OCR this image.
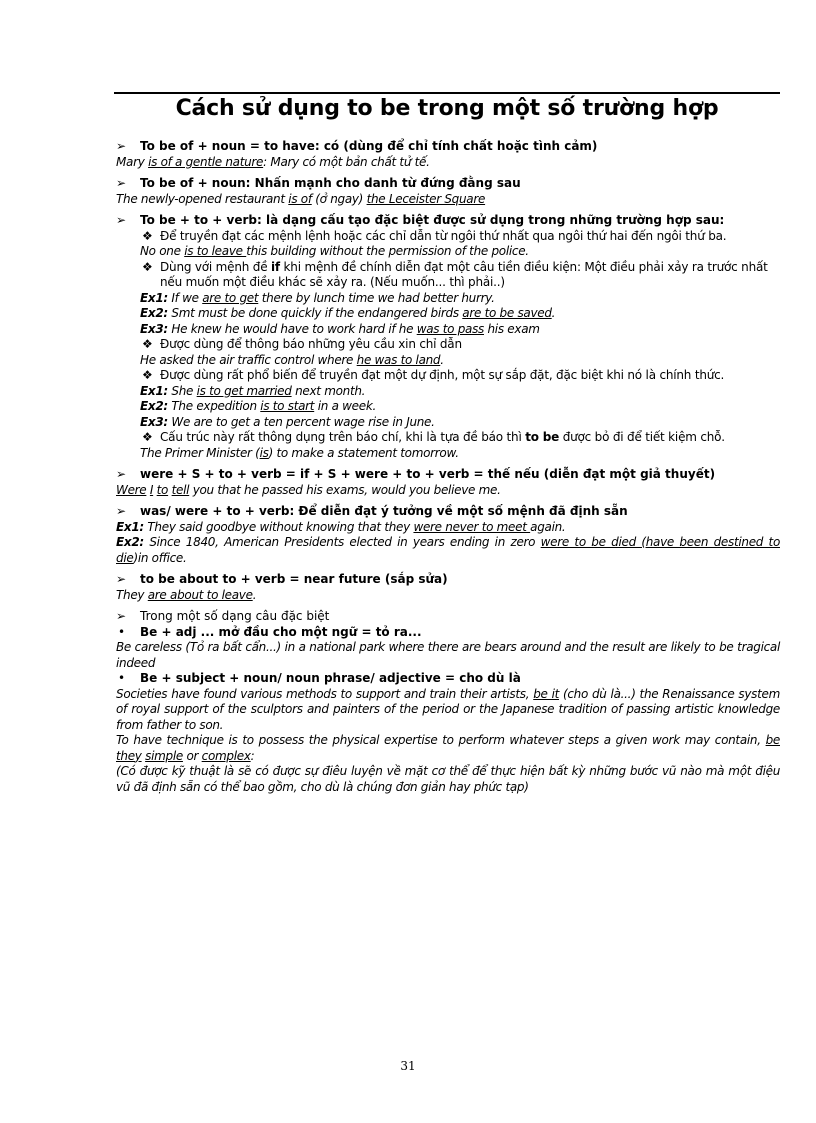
Cách sử dụng to be trong một số trường hợp
➢ To be of + noun = to have: có (dùng để chỉ tính chất hoặc tình cảm)
Mary is of a gentle nature: Mary có một bản chất tử tế.
➢ To be of + noun: Nhấn mạnh cho danh từ đứng đằng sau
The newly-opened restaurant is of (ở ngay) the Leceister Square
➢ To be + to + verb: là dạng cấu tạo đặc biệt được sử dụng trong những trường hợp sau:
❖ Để truyền đạt các mệnh lệnh hoặc các chỉ dẫn từ ngôi thứ nhất qua ngôi thứ hai đến ngôi thứ ba.
No one is to leave this building without the permission of the police.
❖ Dùng với mệnh đề if khi mệnh đề chính diễn đạt một câu tiền điều kiện: Một điều phải xảy ra trước nhất nếu muốn một điều khác sẽ xảy ra. (Nếu muốn... thì phải..)
Ex1: If we are to get there by lunch time we had better hurry.
Ex2: Smt must be done quickly if the endangered birds are to be saved.
Ex3: He knew he would have to work hard if he was to pass his exam
❖ Được dùng để thông báo những yêu cầu xin chỉ dẫn
He asked the air traffic control where he was to land.
❖ Được dùng rất phổ biến để truyền đạt một dự định, một sự sắp đặt, đặc biệt khi nó là chính thức.
Ex1: She is to get married next month.
Ex2: The expedition is to start in a week.
Ex3: We are to get a ten percent wage rise in June.
❖ Cấu trúc này rất thông dụng trên báo chí, khi là tựa đề báo thì to be được bỏ đi để tiết kiệm chỗ.
The Primer Minister (is) to make a statement tomorrow.
➢ were + S + to + verb = if + S + were + to + verb = thế nếu (diễn đạt một giả thuyết)
Were I to tell you that he passed his exams, would you believe me.
➢ was/ were + to + verb: Để diễn đạt ý tưởng về một số mệnh đã định sẵn
Ex1: They said goodbye without knowing that they were never to meet again.
Ex2: Since 1840, American Presidents elected in years ending in zero were to be died (have been destined to die)in office.
➢ to be about to + verb = near future (sắp sửa)
They are about to leave.
➢ Trong một số dạng câu đặc biệt
• Be + adj ... mở đầu cho một ngữ = tỏ ra...
Be careless (Tỏ ra bất cẩn...) in a national park where there are bears around and the result are likely to be tragical indeed
• Be + subject + noun/ noun phrase/ adjective = cho dù là
Societies have found various methods to support and train their artists, be it (cho dù là...) the Renaissance system of royal support of the sculptors and painters of the period or the Japanese tradition of passing artistic knowledge from father to son.
To have technique is to possess the physical expertise to perform whatever steps a given work may contain, be they simple or complex:
(Có được kỹ thuật là sẽ có được sự điêu luyện về mặt cơ thể để thực hiện bất kỳ những bước vũ nào mà một điệu vũ đã định sẵn có thể bao gồm, cho dù là chúng đơn giản hay phức tạp)
31
